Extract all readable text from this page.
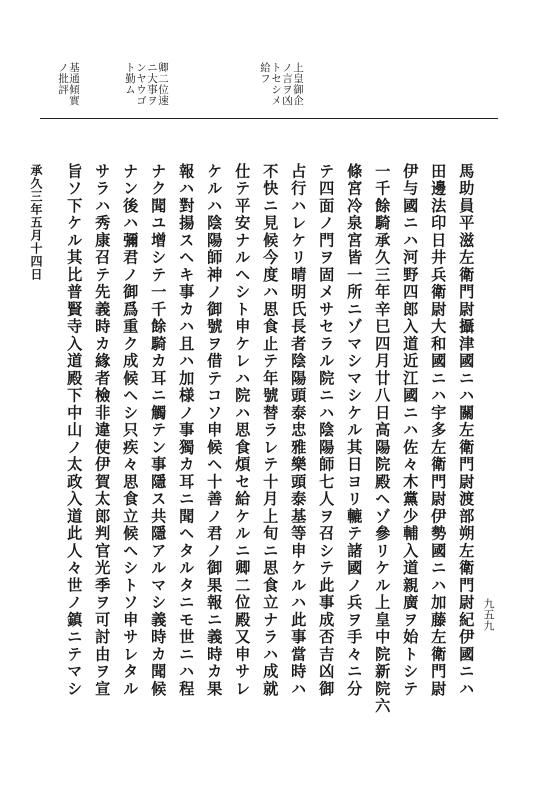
上皇御企
ノ言ヲ凶
トセシメ
給フ
卿二位速
ニ大事ヲ
ンヤウゴ
ト勤ム
基通傾實
ノ批評
九五九
馬助員平滋左衛門尉攝津國ニハ關左衛門尉渡部朔左衛門尉紀伊國ニハ
田邊法印日井兵衛尉大和國ニハ宇多左衛門尉伊勢國ニハ加藤左衛門尉
伊与國ニハ河野四郎入道近江國ニハ佐々木黨少輔入道親廣ヲ始トシテ
一千餘騎承久三年辛巳四月廿八日高陽院殿ヘゾ參リケル上皇中院新院六
條宮冷泉宮皆一所ニゾマシマシケル其日ヨリ轆テ諸國ノ兵ヲ手々ニ分
テ四面ノ門ヲ固メサセラル院ニハ陰陽師七人ヲ召シテ此事成否吉凶御
占行ハレケリ晴明氏長者陰陽頭泰忠雅樂頭泰基等申ケルハ此事當時ハ
不快ニ見候今度ハ思食止テ年號替ラレテ十月上旬ニ思食立ナラハ成就
仕テ平安ナルヘシト申ケレハ院ハ思食煩セ給ケルニ卿二位殿又申サレ
ケルハ陰陽師神ノ御號ヲ借テコソ申候ヘ十善ノ君ノ御果報ニ義時カ果
報ハ對揚スヘキ事カハ且ハ加様ノ事獨カ耳ニ聞ヘタルタニモ世ニハ程
ナク聞ユ增シテ一千餘騎カ耳ニ觸テン事隱ス共隱アルマシ義時カ聞候
ナン後ハ彌君ノ御爲重ク成候ヘシ只疾々思食立候ヘシトソ申サレタル
サラハ秀康召テ先義時カ緣者檢非違使伊賀太郎判官光季ヲ可討由ヲ宣
旨ソ下ケル其比普賢寺入道殿下中山ノ太政入道此人々世ノ鎮ニテマシ
承久三年五月十四日
